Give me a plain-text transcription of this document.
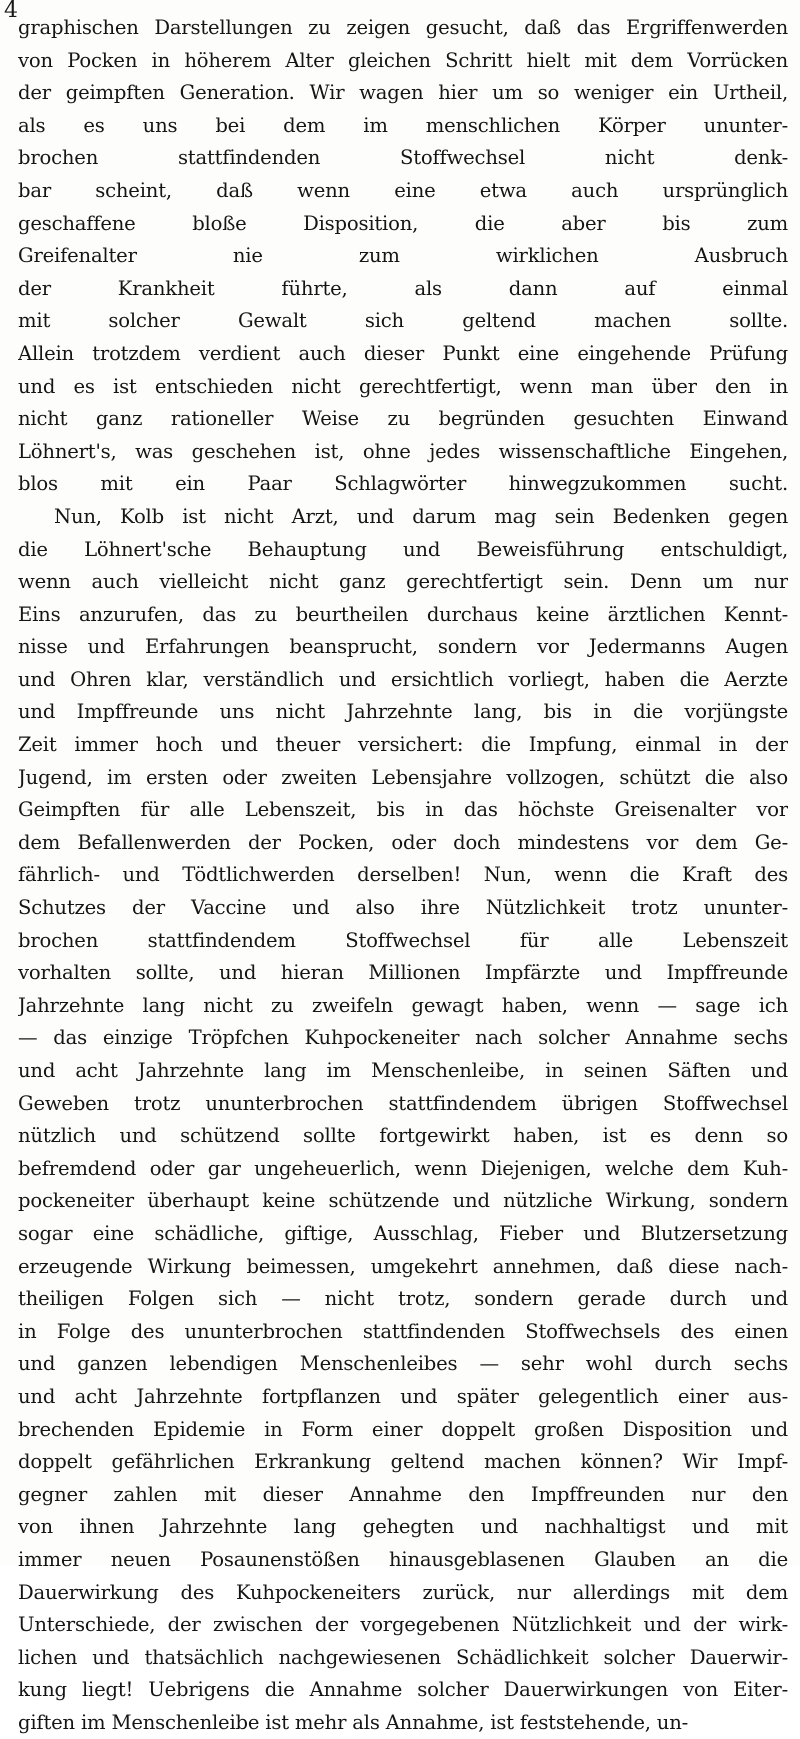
4
graphischen Darstellungen zu zeigen gesucht, daß das Ergriffenwerden
von Pocken in höherem Alter gleichen Schritt hielt mit dem Vorrücken
der geimpften Generation. Wir wagen hier um so weniger ein Urtheil,
als es uns bei dem im menschlichen Körper ununter-
brochen stattfindenden Stoffwechsel nicht denk-
bar scheint, daß wenn eine etwa auch ursprünglich
geschaffene bloße Disposition, die aber bis zum
Greifenalter nie zum wirklichen Ausbruch
der Krankheit führte, als dann auf einmal
mit solcher Gewalt sich geltend machen sollte.
Allein trotzdem verdient auch dieser Punkt eine eingehende Prüfung
und es ist entschieden nicht gerechtfertigt, wenn man über den in
nicht ganz rationeller Weise zu begründen gesuchten Einwand
Löhnert's, was geschehen ist, ohne jedes wissenschaftliche Eingehen,
blos mit ein Paar Schlagwörter hinwegzukommen sucht.
Nun, Kolb ist nicht Arzt, und darum mag sein Bedenken gegen
die Löhnert'sche Behauptung und Beweisführung entschuldigt,
wenn auch vielleicht nicht ganz gerechtfertigt sein. Denn um nur
Eins anzurufen, das zu beurtheilen durchaus keine ärztlichen Kennt-
nisse und Erfahrungen beansprucht, sondern vor Jedermanns Augen
und Ohren klar, verständlich und ersichtlich vorliegt, haben die Aerzte
und Impffreunde uns nicht Jahrzehnte lang, bis in die vorjüngste
Zeit immer hoch und theuer versichert: die Impfung, einmal in der
Jugend, im ersten oder zweiten Lebensjahre vollzogen, schützt die also
Geimpften für alle Lebenszeit, bis in das höchste Greisenalter vor
dem Befallenwerden der Pocken, oder doch mindestens vor dem Ge-
fährlich- und Tödtlichwerden derselben! Nun, wenn die Kraft des
Schutzes der Vaccine und also ihre Nützlichkeit trotz ununter-
brochen stattfindendem Stoffwechsel für alle Lebenszeit
vorhalten sollte, und hieran Millionen Impfärzte und Impffreunde
Jahrzehnte lang nicht zu zweifeln gewagt haben, wenn — sage ich
— das einzige Tröpfchen Kuhpockeneiter nach solcher Annahme sechs
und acht Jahrzehnte lang im Menschenleibe, in seinen Säften und
Geweben trotz ununterbrochen stattfindendem übrigen Stoffwechsel
nützlich und schützend sollte fortgewirkt haben, ist es denn so
befremdend oder gar ungeheuerlich, wenn Diejenigen, welche dem Kuh-
pockeneiter überhaupt keine schützende und nützliche Wirkung, sondern
sogar eine schädliche, giftige, Ausschlag, Fieber und Blutzersetzung
erzeugende Wirkung beimessen, umgekehrt annehmen, daß diese nach-
theiligen Folgen sich — nicht trotz, sondern gerade durch und
in Folge des ununterbrochen stattfindenden Stoffwechsels des einen
und ganzen lebendigen Menschenleibes — sehr wohl durch sechs
und acht Jahrzehnte fortpflanzen und später gelegentlich einer aus-
brechenden Epidemie in Form einer doppelt großen Disposition und
doppelt gefährlichen Erkrankung geltend machen können? Wir Impf-
gegner zahlen mit dieser Annahme den Impffreunden nur den
von ihnen Jahrzehnte lang gehegten und nachhaltigst und mit
immer neuen Posaunenstößen hinausgeblasenen Glauben an die
Dauerwirkung des Kuhpockeneiters zurück, nur allerdings mit dem
Unterschiede, der zwischen der vorgegebenen Nützlichkeit und der wirk-
lichen und thatsächlich nachgewiesenen Schädlichkeit solcher Dauerwir-
kung liegt! Uebrigens die Annahme solcher Dauerwirkungen von Eiter-
giften im Menschenleibe ist mehr als Annahme, ist feststehende, un-
